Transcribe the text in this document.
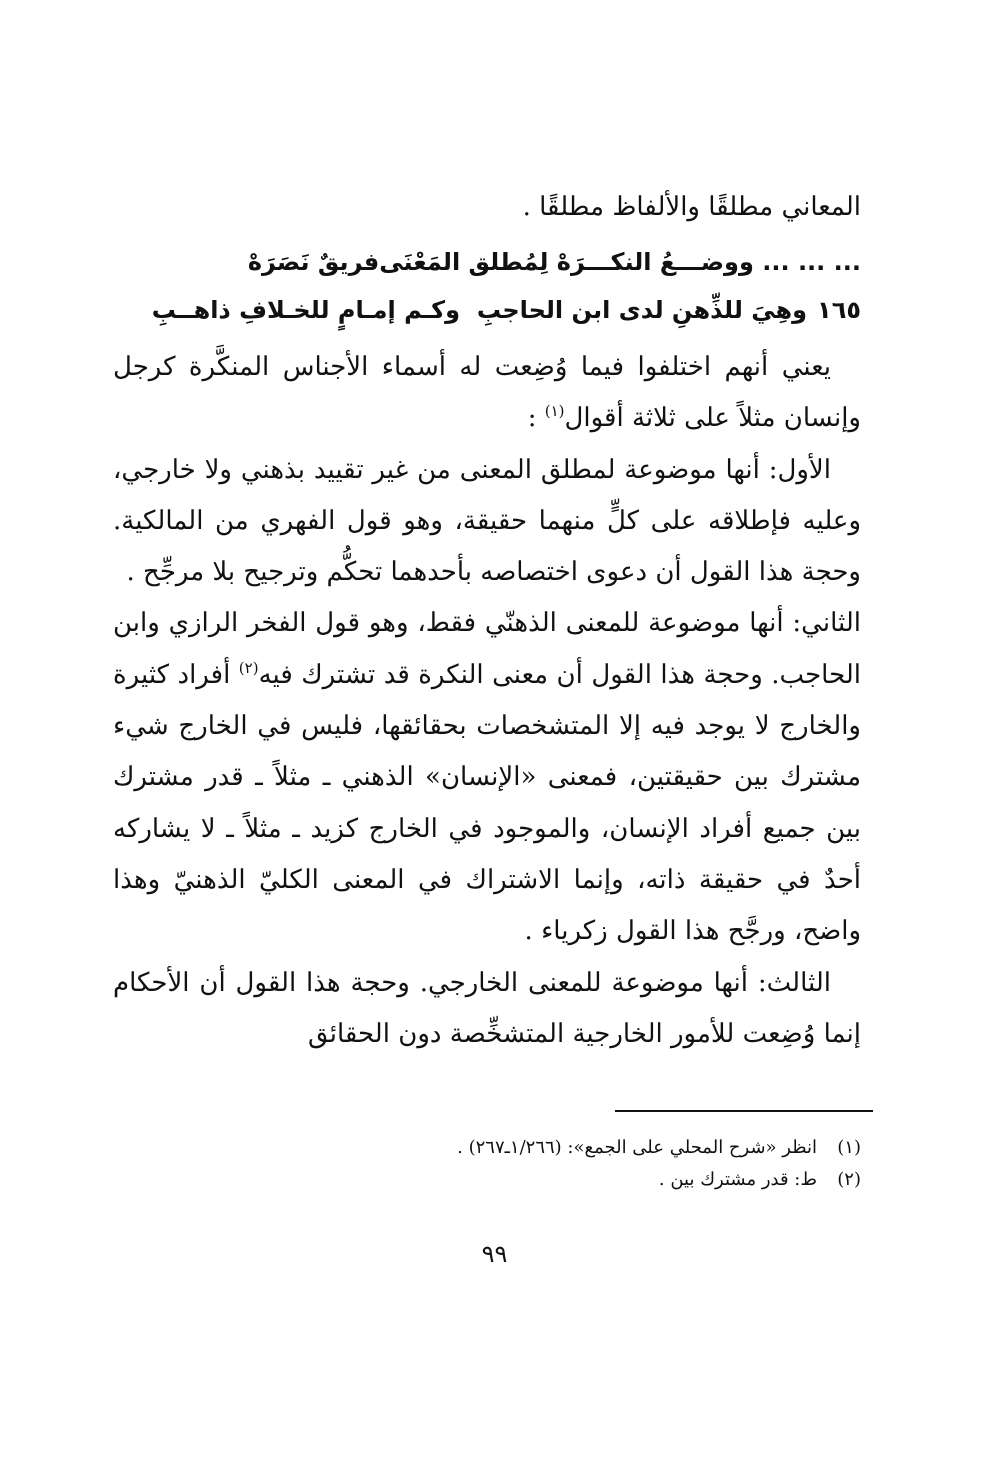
المعاني مطلقًا والألفاظ مطلقًا .
... ... ... ووضـــعُ النكـــرَهْ لِمُطلق المَعْنَى
فريقٌ نَصَرَهْ
١٦٥
وهِيَ للذِّهنِ لدى ابن الحاجبِ
وكـم إمـامٍ للخـلافِ ذاهــبِ

يعني أنهم اختلفوا فيما وُضِعت له أسماء الأجناس المنكَّرة كرجل وإنسان مثلاً على ثلاثة أقوال$^{(١)}$ :

الأول: أنها موضوعة لمطلق المعنى من غير تقييد بذهني ولا خارجي، وعليه فإطلاقه على كلٍّ منهما حقيقة، وهو قول الفهري من المالكية. وحجة هذا القول أن دعوى اختصاصه بأحدهما تحكُّم وترجيح بلا مرجِّح .

الثاني: أنها موضوعة للمعنى الذهنّي فقط، وهو قول الفخر الرازي وابن الحاجب. وحجة هذا القول أن معنى النكرة قد تشترك فيه$^{(٢)}$ أفراد كثيرة والخارج لا يوجد فيه إلا المتشخصات بحقائقها، فليس في الخارج شيء مشترك بين حقيقتين، فمعنى «الإنسان» الذهني ـ مثلاً ـ قدر مشترك بين جميع أفراد الإنسان، والموجود في الخارج كزيد ـ مثلاً ـ لا يشاركه أحدٌ في حقيقة ذاته، وإنما الاشتراك في المعنى الكليّ الذهنيّ وهذا واضح، ورجَّح هذا القول زكرياء .

الثالث: أنها موضوعة للمعنى الخارجي. وحجة هذا القول أن الأحكام إنما وُضِعت للأمور الخارجية المتشخِّصة دون الحقائق

(١)
انظر «شرح المحلي على الجمع»: (١/٢٦٦ـ٢٦٧) .
(٢)
ط: قدر مشترك بين .
٩٩
